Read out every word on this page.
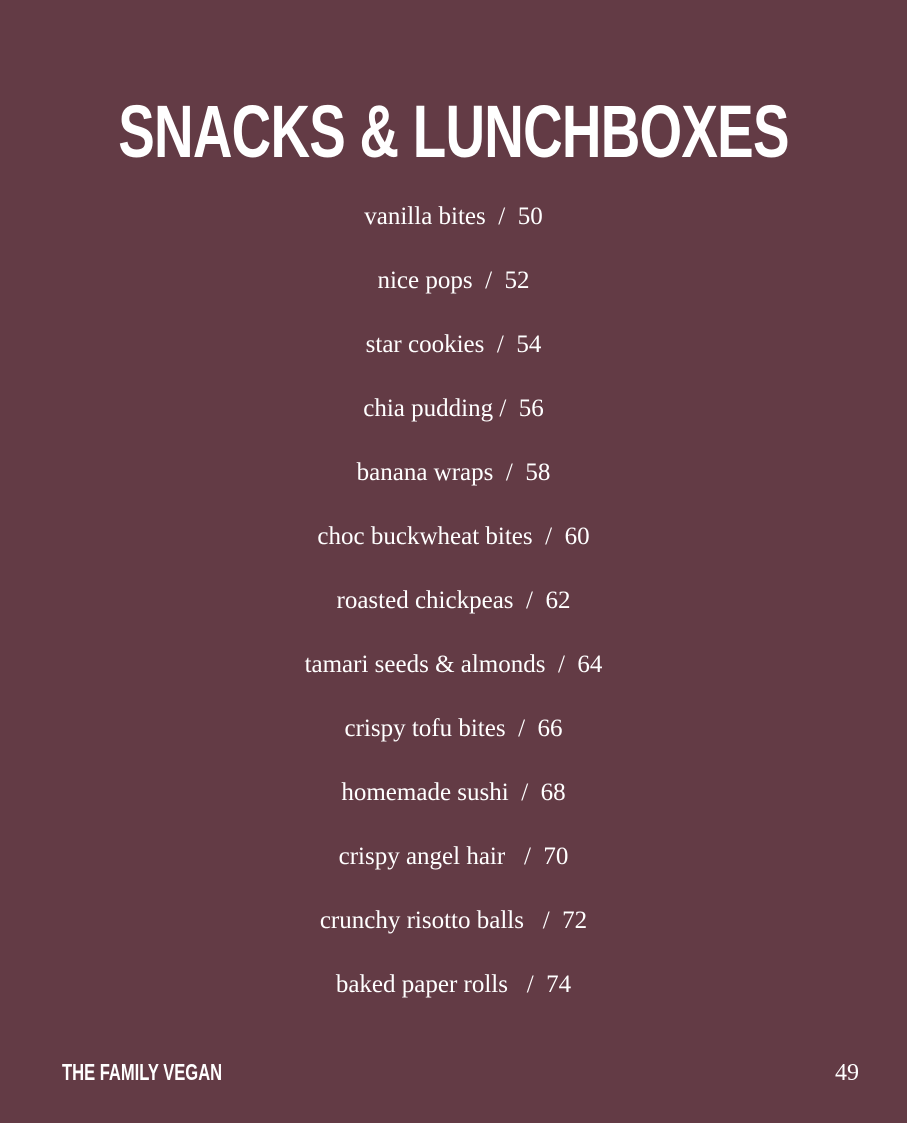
SNACKS & LUNCHBOXES
vanilla bites  /  50
nice pops  /  52
star cookies  /  54
chia pudding /  56
banana wraps  /  58
choc buckwheat bites  /  60
roasted chickpeas  /  62
tamari seeds & almonds  /  64
crispy tofu bites  /  66
homemade sushi  /  68
crispy angel hair   /  70
crunchy risotto balls   /  72
baked paper rolls   /  74
THE FAMILY VEGAN	49
